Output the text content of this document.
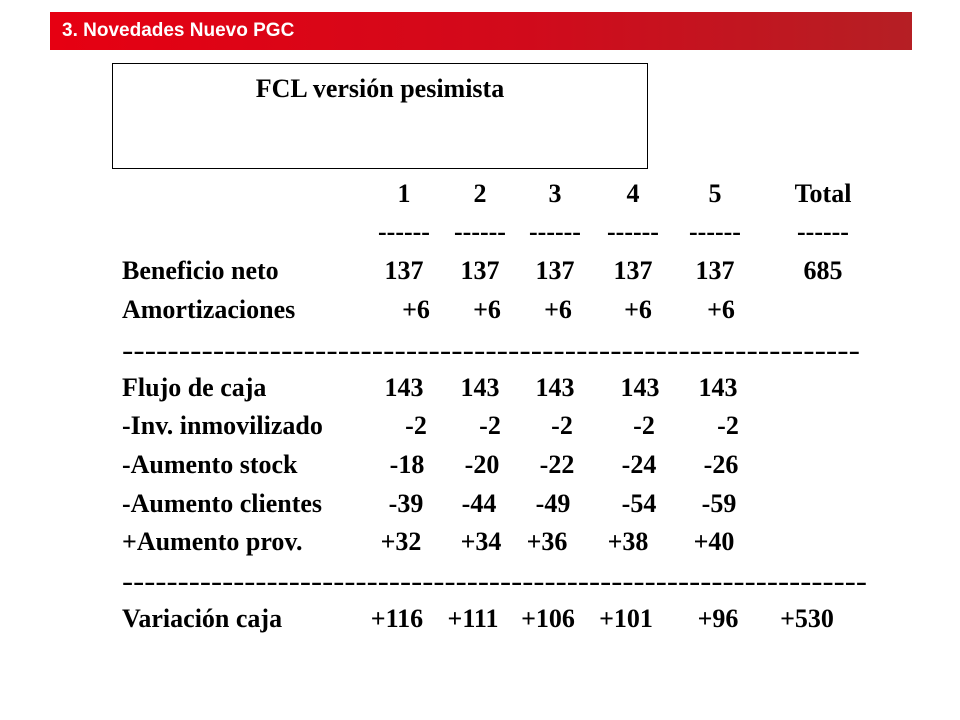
3. Novedades Nuevo PGC
FCL versión pesimista
1	2	3	4	5	Total
------ ------ ------	------	------	------
Beneficio neto	137	137	137	137	137	685
Amortizaciones	+6	+6	+6	+6	+6
-----------------------------------------------------------------
Flujo de caja	143	143	143	143	143
-Inv. inmovilizado	-2	-2	-2	-2	-2
-Aumento stock	-18	-20	-22	-24	-26
-Aumento clientes	-39	-44	-49	-54	-59
+Aumento prov.	+32	+34 +36	+38	+40
-------------------------------------------------------------------
Variación caja	+116 +111 +106 +101	+96	+530
